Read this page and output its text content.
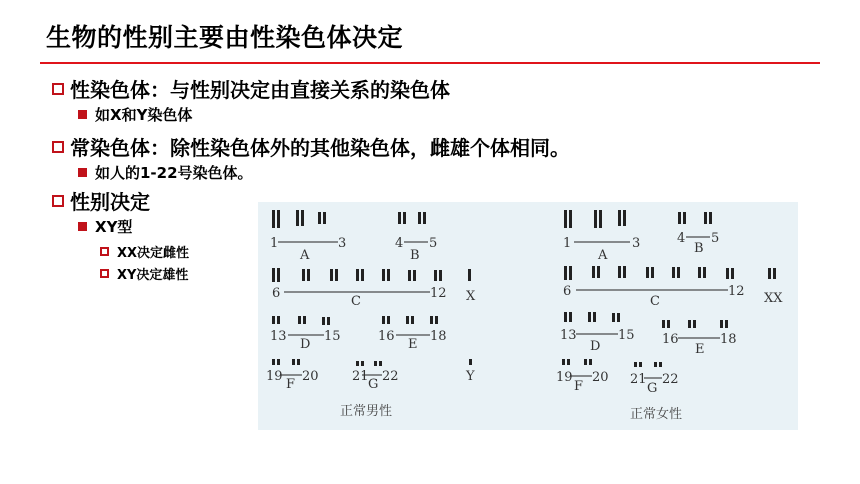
生物的性别主要由性染色体决定
性染色体：与性别决定由直接关系的染色体
如X和Y染色体
常染色体：除性染色体外的其他染色体，雌雄个体相同。
如人的1-22号染色体。
性别决定
XY型
XX决定雌性
XY决定雄性
1	3
A
4 5
B
6	12
C	X
13	15
D
16	18
E
19 20
F
21 22
G
Y
正常男性
1	3
A
4 5
B
6	12
C	XX
13	15
D	16	18
E
19 20
F	21 22
G
正常女性
